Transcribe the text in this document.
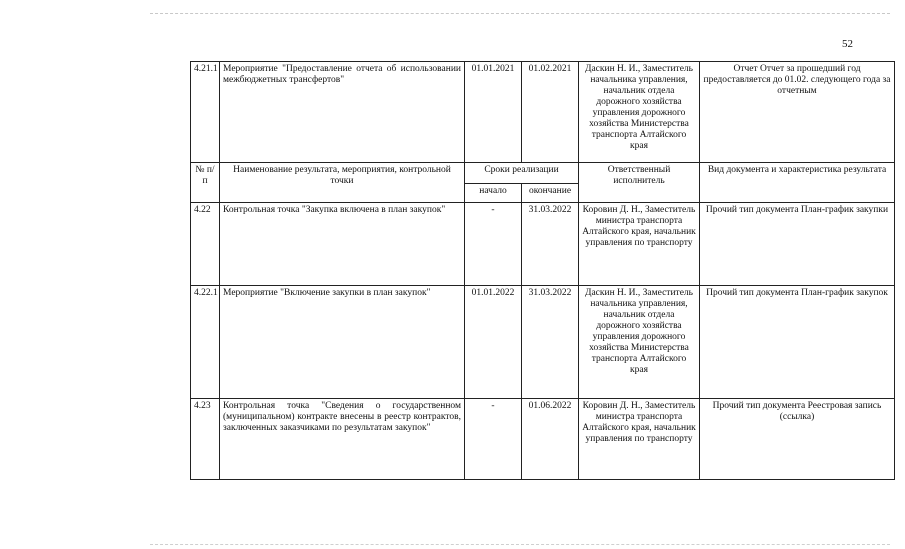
52
4.21.1	Мероприятие "Предоставление отчета об использовании межбюджетных трансфертов"	01.01.2021	01.02.2021	Даскин Н. И., Заместитель начальника управления, начальник отдела дорожного хозяйства управления дорожного хозяйства Министерства транспорта Алтайского края	Отчет Отчет за прошедший год предоставляется до 01.02. следующего года за отчетным
№ п/п	Наименование результата, мероприятия, контрольной точки	Сроки реализации		Ответственный исполнитель	Вид документа и характеристика результата
		начало	окончание		
4.22	Контрольная точка "Закупка включена в план закупок"	-	31.03.2022	Коровин Д. Н., Заместитель министра транспорта Алтайского края, начальник управления по транспорту	Прочий тип документа План-график закупки
4.22.1	Мероприятие "Включение закупки в план закупок"	01.01.2022	31.03.2022	Даскин Н. И., Заместитель начальника управления, начальник отдела дорожного хозяйства управления дорожного хозяйства Министерства транспорта Алтайского края	Прочий тип документа План-график закупок
4.23	Контрольная точка "Сведения о государственном (муниципальном) контракте внесены в реестр контрактов, заключенных заказчиками по результатам закупок"	-	01.06.2022	Коровин Д. Н., Заместитель министра транспорта Алтайского края, начальник управления по транспорту	Прочий тип документа Реестровая запись (ссылка)
